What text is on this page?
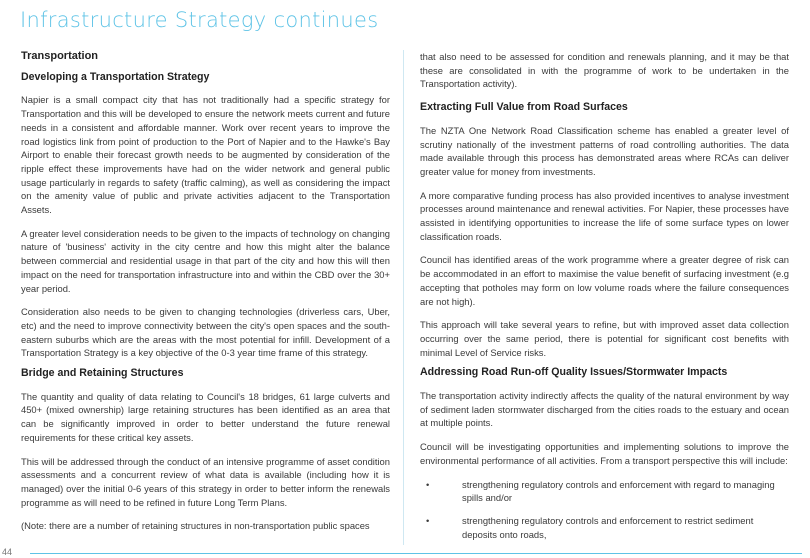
Infrastructure Strategy continues
Transportation
Developing a Transportation Strategy

Napier is a small compact city that has not traditionally had a specific strategy for Transportation and this will be developed to ensure the network meets current and future needs in a consistent and affordable manner. Work over recent years to improve the road logistics link from point of production to the Port of Napier and to the Hawke's Bay Airport to enable their forecast growth needs to be augmented by consideration of the ripple effect these improvements have had on the wider network and general public usage particularly in regards to safety (traffic calming), as well as considering the impact on the amenity value of public and private activities adjacent to the Transportation Assets.

A greater level consideration needs to be given to the impacts of technology on changing nature of 'business' activity in the city centre and how this might alter the balance between commercial and residential usage in that part of the city and how this will then impact on the need for transportation infrastructure into and within the CBD over the 30+ year period.

Consideration also needs to be given to changing technologies (driverless cars, Uber, etc) and the need to improve connectivity between the city's open spaces and the south-eastern suburbs which are the areas with the most potential for infill. Development of a Transportation Strategy is a key objective of the 0-3 year time frame of this strategy.

Bridge and Retaining Structures

The quantity and quality of data relating to Council's 18 bridges, 61 large culverts and 450+ (mixed ownership) large retaining structures has been identified as an area that can be significantly improved in order to better understand the future renewal requirements for these critical key assets.

This will be addressed through the conduct of an intensive programme of asset condition assessments and a concurrent review of what data is available (including how it is managed) over the initial 0-6 years of this strategy in order to better inform the renewals programme as will need to be refined in future Long Term Plans.

(Note: there are a number of retaining structures in non-transportation public spaces

that also need to be assessed for condition and renewals planning, and it may be that these are consolidated in with the programme of work to be undertaken in the Transportation activity).

Extracting Full Value from Road Surfaces

The NZTA One Network Road Classification scheme has enabled a greater level of scrutiny nationally of the investment patterns of road controlling authorities. The data made available through this process has demonstrated areas where RCAs can deliver greater value for money from investments.

A more comparative funding process has also provided incentives to analyse investment processes around maintenance and renewal activities. For Napier, these processes have assisted in identifying opportunities to increase the life of some surface types on lower classification roads.

Council has identified areas of the work programme where a greater degree of risk can be accommodated in an effort to maximise the value benefit of surfacing investment (e.g accepting that potholes may form on low volume roads where the failure consequences are not high).

This approach will take several years to refine, but with improved asset data collection occurring over the same period, there is potential for significant cost benefits with minimal Level of Service risks.

Addressing Road Run-off Quality Issues/Stormwater Impacts

The transportation activity indirectly affects the quality of the natural environment by way of sediment laden stormwater discharged from the cities roads to the estuary and ocean at multiple points.

Council will be investigating opportunities and implementing solutions to improve the environmental performance of all activities. From a transport perspective this will include:

•	strengthening regulatory controls and enforcement with regard to managing spills and/or
•	strengthening regulatory controls and enforcement to restrict sediment deposits onto roads,
44
